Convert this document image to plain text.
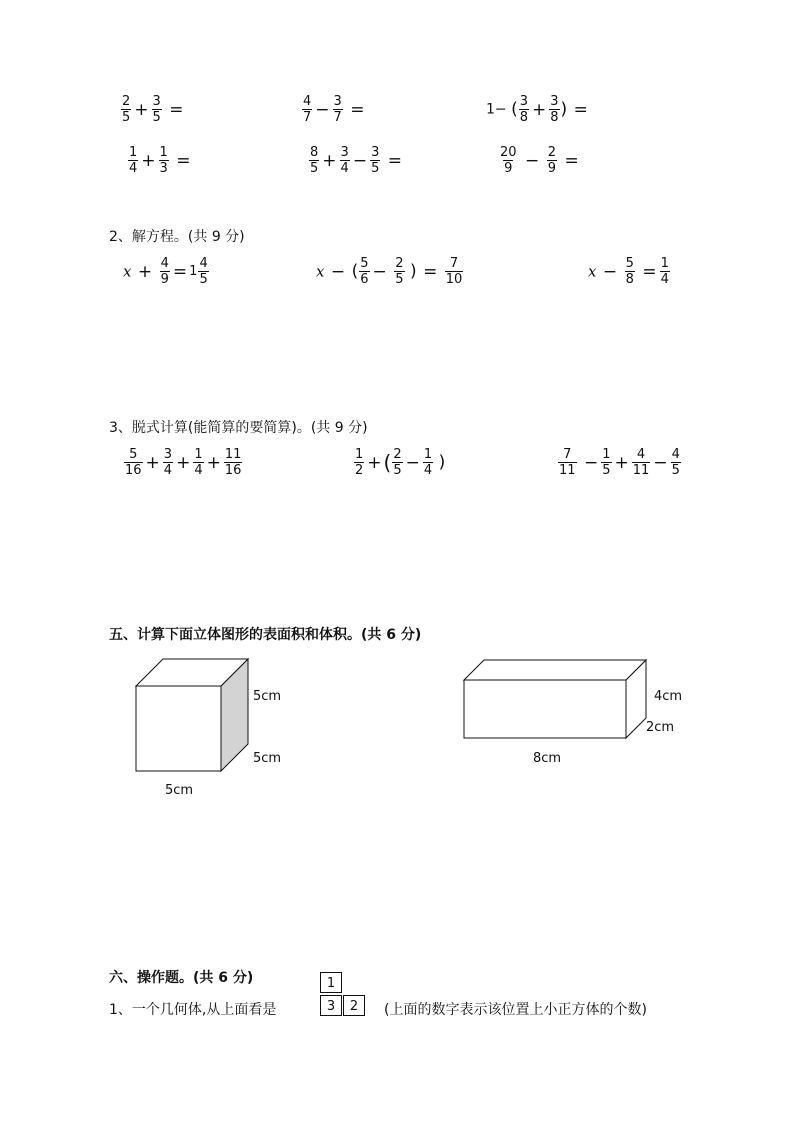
$\frac{2}{5} + \frac{3}{5}$ =	$\frac{4}{7} - \frac{3}{7}$ =	1− ( $\frac{3}{8} + \frac{3}{8}$ ) =
$\frac{1}{4} + \frac{1}{3}$ =	$\frac{8}{5} + \frac{3}{4} - \frac{3}{5}$ =	$\frac{20}{9} - \frac{2}{9}$ =
2、解方程。(共 9 分)
$x + \frac{4}{9} = 1 \frac{4}{5}$	x − ( $\frac{5}{6} - \frac{2}{5}$ ) = $\frac{7}{10}$	$x - \frac{5}{8} = \frac{1}{4}$
3、脱式计算(能简算的要简算)。(共 9 分)
$\frac{5}{16} + \frac{3}{4} + \frac{1}{4} + \frac{11}{16}$	$\frac{1}{2}$ + ( $\frac{2}{5} - \frac{1}{4}$ )	$\frac{7}{11} - \frac{1}{5} + \frac{4}{11} - \frac{4}{5}$
五、计算下面立体图形的表面积和体积。(共 6 分)
5cm
5cm
5cm
4cm
2cm
8cm
六、操作题。(共 6 分)
1、一个几何体,从上面看是
1
3	2	(上面的数字表示该位置上小正方体的个数)
